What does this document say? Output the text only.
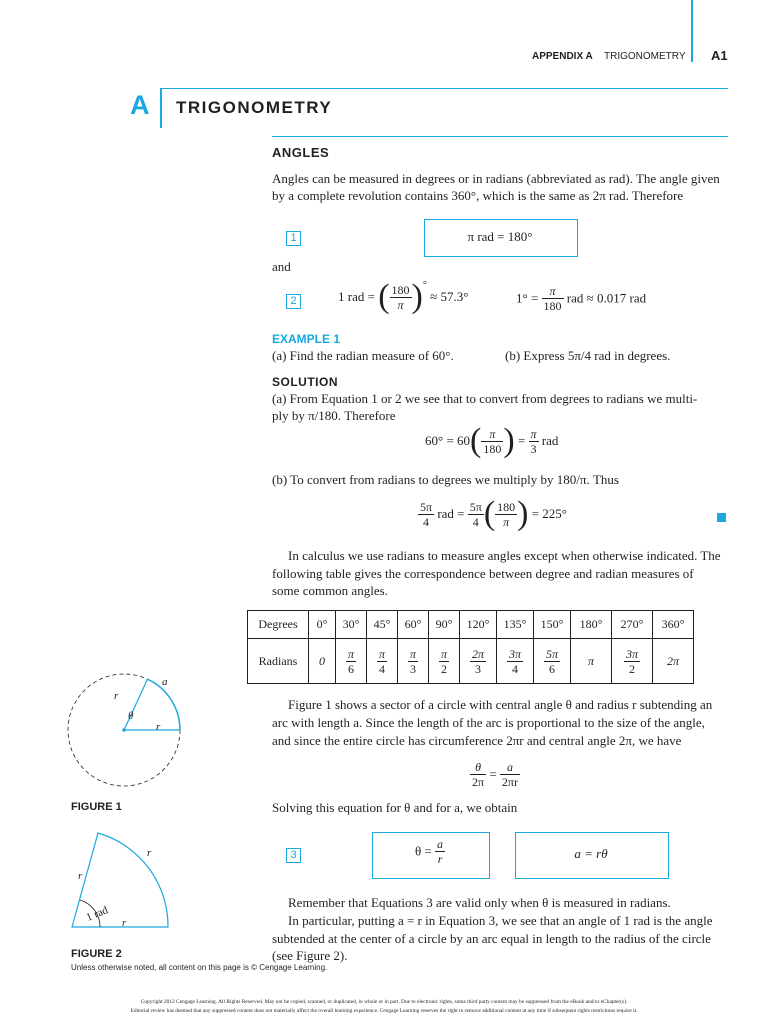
APPENDIX A TRIGONOMETRY A1
A TRIGONOMETRY
ANGLES
Angles can be measured in degrees or in radians (abbreviated as rad). The angle given
by a complete revolution contains 360°, which is the same as 2π rad. Therefore
1	π rad = 180°
and
2	1 rad = ( $\frac{180}{\pi} )^\circ \approx 57.3^\circ$	$1^\circ = \frac{\pi}{180}$ rad ≈ 0.017 rad
EXAMPLE 1
(a) Find the radian measure of 60°.	(b) Express 5π/4 rad in degrees.
SOLUTION
(a) From Equation 1 or 2 we see that to convert from degrees to radians we multi-
ply by π/180. Therefore
$60^\circ = 60( \frac{\pi}{180}$ ) = $\frac{\pi}{3}$ rad
(b) To convert from radians to degrees we multiply by 180/π. Thus
$\frac{5\pi}{4}$ rad = $\frac{5\pi}{4}$ ( $\frac{180}{\pi}$ ) = 225°
In calculus we use radians to measure angles except when otherwise indicated. The
following table gives the correspondence between degree and radian measures of
some common angles.
Degrees	0°	30°	45°	60°	90°	120°	135°	150°	180°	270°	360°
Radians	0	$\frac{\pi}{6}$	$\frac{\pi}{4}$	$\frac{\pi}{3}$	$\frac{\pi}{2}$	$\frac{2\pi}{3}$	$\frac{3\pi}{4}$	$\frac{5\pi}{6}$	π	$\frac{3\pi}{2}$	2π
a
r
θ
r
FIGURE 1
Figure 1 shows a sector of a circle with central angle θ and radius r subtending an
arc with length a. Since the length of the arc is proportional to the size of the angle,
and since the entire circle has circumference 2πr and central angle 2π, we have
$\frac{\theta}{2\pi} = \frac{a}{2\pi r}$
Solving this equation for θ and for a, we obtain
3	$\theta = \frac{a}{r}$	a = rθ
r
r
1 rad r
FIGURE 2
Remember that Equations 3 are valid only when θ is measured in radians.
In particular, putting a = r in Equation 3, we see that an angle of 1 rad is the angle
subtended at the center of a circle by an arc equal in length to the radius of the circle
(see Figure 2).
Unless otherwise noted, all content on this page is © Cengage Learning.
Copyright 2012 Cengage Learning. All Rights Reserved. May not be copied, scanned, or duplicated, in whole or in part. Due to electronic rights, some third party content may be suppressed from the eBook and/or eChapter(s).
Editorial review has deemed that any suppressed content does not materially affect the overall learning experience. Cengage Learning reserves the right to remove additional content at any time if subsequent rights restrictions require it.
